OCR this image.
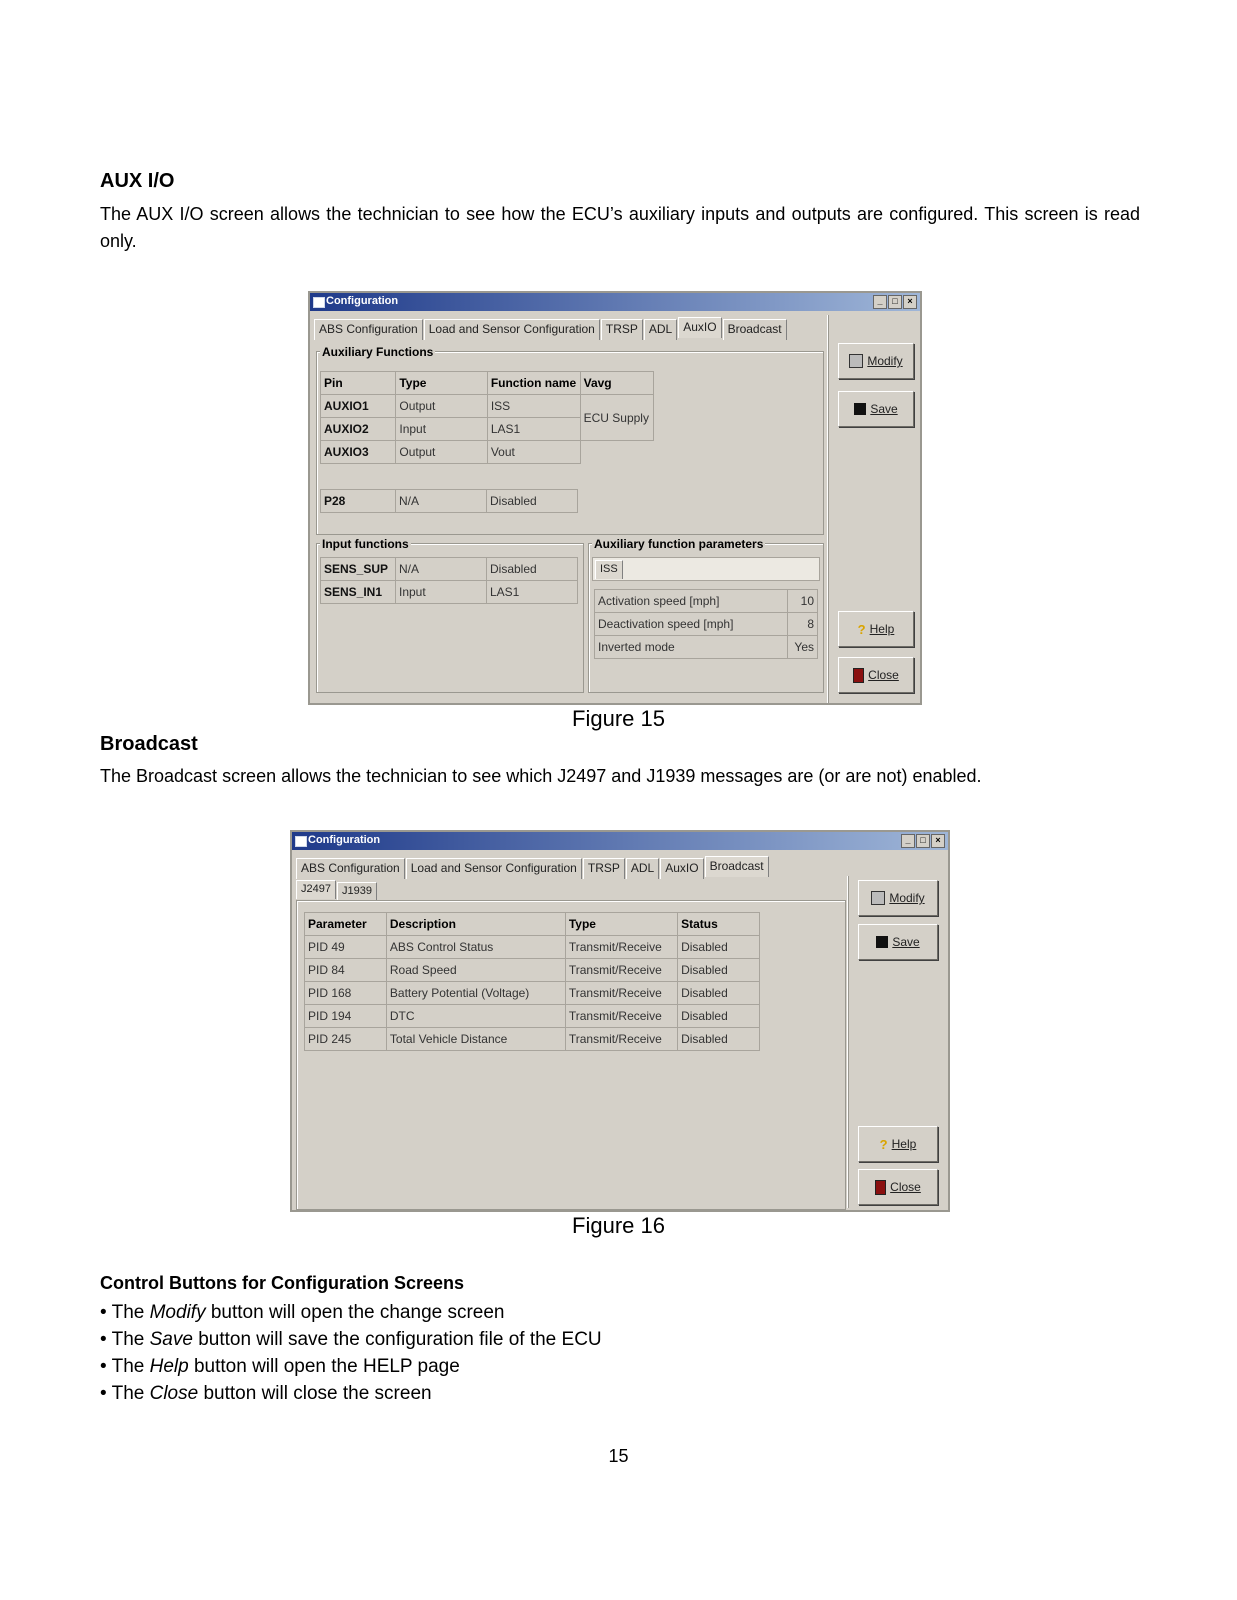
AUX I/O
The AUX I/O screen allows the technician to see how the ECU’s auxiliary inputs and outputs are configured. This screen is read only.
Configuration	_	□	×
ABS Configuration Load and Sensor Configuration TRSP ADL AuxIO Broadcast
Auxiliary Functions
Pin	Type	Function name	Vavg
AUXIO1	Output	ISS	ECU Supply
AUXIO2	Input	LAS1	
AUXIO3	Output	Vout	
P28	N/A	Disabled
Input functions
SENS_SUP	N/A	Disabled
SENS_IN1	Input	LAS1
Auxiliary function parameters
ISS
Activation speed [mph]	10
Deactivation speed [mph]	8
Inverted mode	Yes
Modify
Save
? Help
Close
Figure 15
Broadcast
The Broadcast screen allows the technician to see which J2497 and J1939 messages are (or are not) enabled.
Configuration	_	□	×
ABS Configuration Load and Sensor Configuration TRSP ADL AuxIO Broadcast
J2497	J1939
Parameter	Description	Type	Status
PID 49	ABS Control Status	Transmit/Receive	Disabled
PID 84	Road Speed	Transmit/Receive	Disabled
PID 168	Battery Potential (Voltage)	Transmit/Receive	Disabled
PID 194	DTC	Transmit/Receive	Disabled
PID 245	Total Vehicle Distance	Transmit/Receive	Disabled
Modify
Save
? Help
Close
Figure 16
Control Buttons for Configuration Screens
• The Modify button will open the change screen
• The Save button will save the configuration file of the ECU
• The Help button will open the HELP page
• The Close button will close the screen
15
